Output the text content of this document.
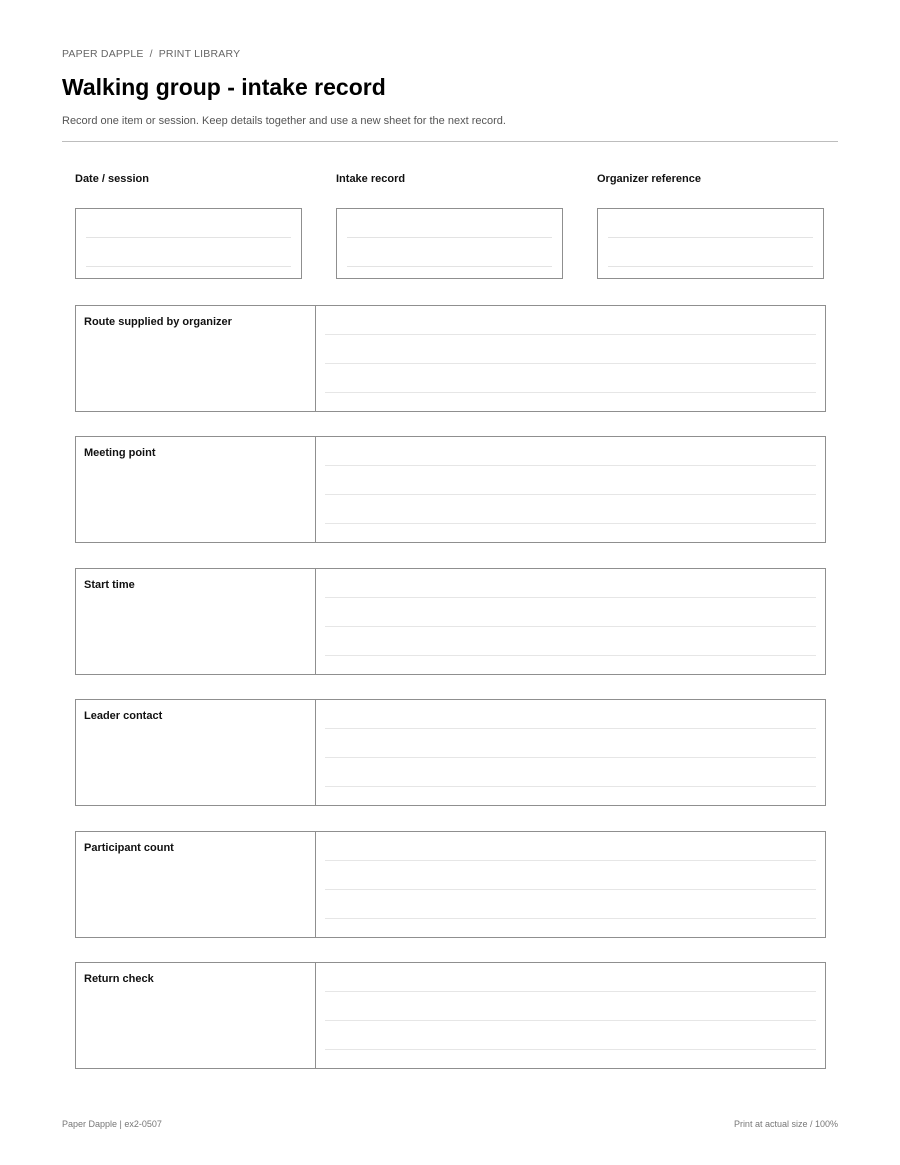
PAPER DAPPLE / PRINT LIBRARY
Walking group - intake record
Record one item or session. Keep details together and use a new sheet for the next record.
Date / session	Intake record	Organizer reference
Route supplied by organizer
Meeting point
Start time
Leader contact
Participant count
Return check
Paper Dapple | ex2-0507	Print at actual size / 100%
